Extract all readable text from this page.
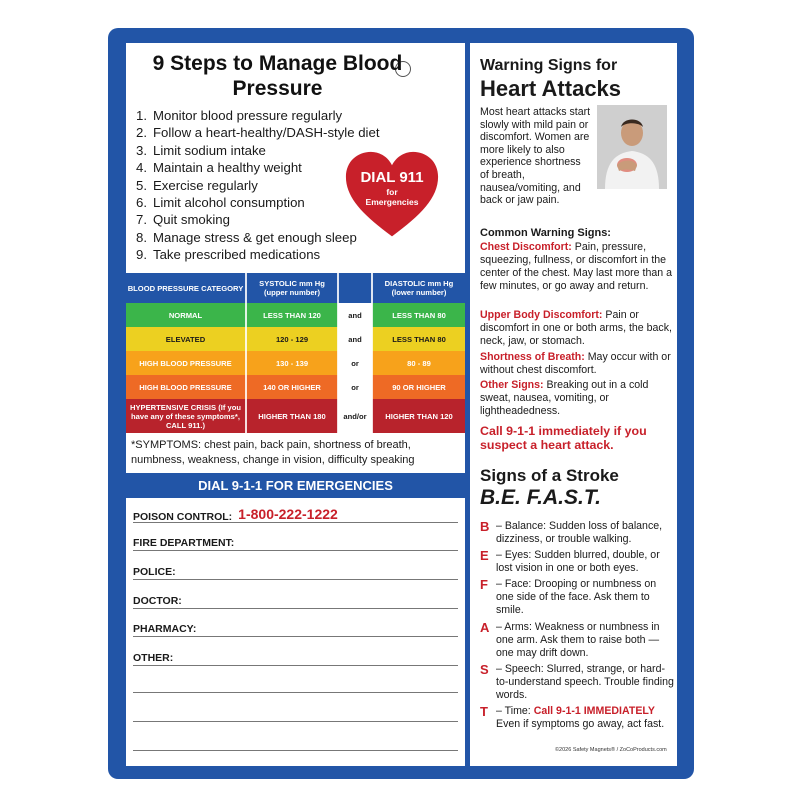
9 Steps to Manage Blood Pressure
1. Monitor blood pressure regularly
2. Follow a heart-healthy/DASH-style diet
3. Limit sodium intake
4. Maintain a healthy weight
5. Exercise regularly
6. Limit alcohol consumption
7. Quit smoking
8. Manage stress & get enough sleep
9. Take prescribed medications
DIAL 911
for
Emergencies
BLOOD PRESSURE CATEGORY	SYSTOLIC mm Hg (upper number)		DIASTOLIC mm Hg (lower number)
NORMAL	LESS THAN 120	and	LESS THAN 80
ELEVATED	120 - 129	and	LESS THAN 80
HIGH BLOOD PRESSURE	130 - 139	or	80 - 89
HIGH BLOOD PRESSURE	140 OR HIGHER	or	90 OR HIGHER
HYPERTENSIVE CRISIS (If you have any of these symptoms*, CALL 911.)	HIGHER THAN 180	and/or	HIGHER THAN 120
*SYMPTOMS: chest pain, back pain, shortness of breath, numbness, weakness, change in vision, difficulty speaking
DIAL 9-1-1 FOR EMERGENCIES
POISON CONTROL: 1-800-222-1222
FIRE DEPARTMENT:
POLICE:
DOCTOR:
PHARMACY:
OTHER:
Warning Signs for
Heart Attacks
Most heart attacks start slowly with mild pain or discomfort. Women are more likely to also experience shortness of breath, nausea/vomiting, and back or jaw pain.
Common Warning Signs:
Chest Discomfort: Pain, pressure, squeezing, fullness, or discomfort in the center of the chest. May last more than a few minutes, or go away and return.
Upper Body Discomfort: Pain or discomfort in one or both arms, the back, neck, jaw, or stomach.
Shortness of Breath: May occur with or without chest discomfort.
Other Signs: Breaking out in a cold sweat, nausea, vomiting, or lightheadedness.
Call 9-1-1 immediately if you suspect a heart attack.
Signs of a Stroke
B.E. F.A.S.T.
B – Balance: Sudden loss of balance, dizziness, or trouble walking.
E – Eyes: Sudden blurred, double, or lost vision in one or both eyes.
F – Face: Drooping or numbness on one side of the face. Ask them to smile.
A – Arms: Weakness or numbness in one arm. Ask them to raise both — one may drift down.
S – Speech: Slurred, strange, or hard-to-understand speech. Trouble finding words.
T – Time: Call 9-1-1 IMMEDIATELY
Even if symptoms go away, act fast.
©2026 Safety Magnets® / ZoCoProducts.com
